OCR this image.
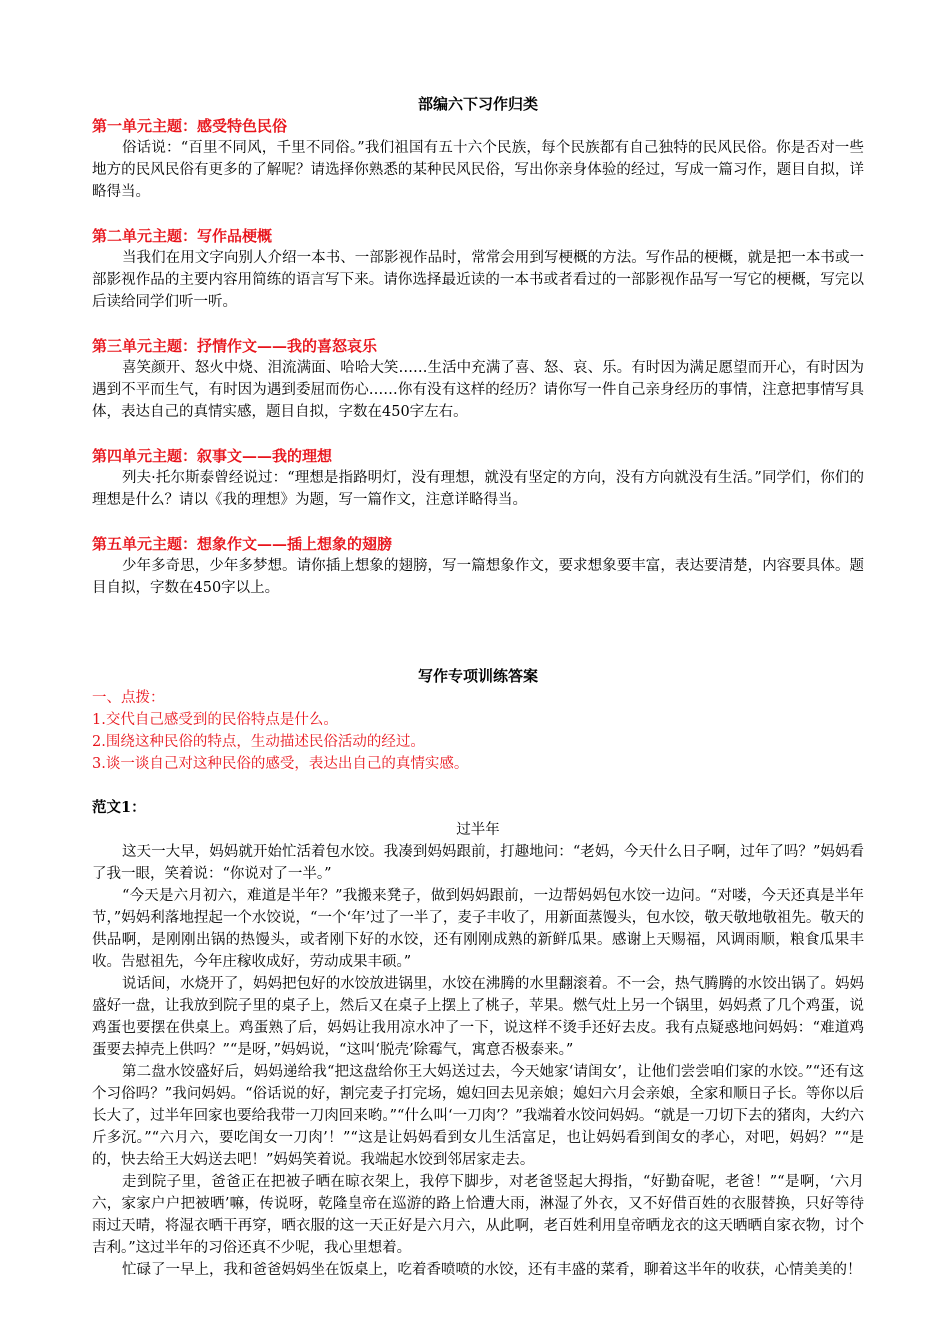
部编六下习作归类
第一单元主题：感受特色民俗
俗话说：“百里不同风，千里不同俗。”我们祖国有五十六个民族，每个民族都有自己独特的民风民俗。你是否对一些地方的民风民俗有更多的了解呢？请选择你熟悉的某种民风民俗，写出你亲身体验的经过，写成一篇习作，题目自拟，详略得当。
第二单元主题：写作品梗概
当我们在用文字向别人介绍一本书、一部影视作品时，常常会用到写梗概的方法。写作品的梗概，就是把一本书或一部影视作品的主要内容用简练的语言写下来。请你选择最近读的一本书或者看过的一部影视作品写一写它的梗概，写完以后读给同学们听一听。
第三单元主题：抒情作文——我的喜怒哀乐
喜笑颜开、怒火中烧、泪流满面、哈哈大笑……生活中充满了喜、怒、哀、乐。有时因为满足愿望而开心，有时因为遇到不平而生气，有时因为遇到委屈而伤心……你有没有这样的经历？请你写一件自己亲身经历的事情，注意把事情写具体，表达自己的真情实感，题目自拟，字数在450字左右。
第四单元主题：叙事文——我的理想
列夫·托尔斯泰曾经说过：“理想是指路明灯，没有理想，就没有坚定的方向，没有方向就没有生活。”同学们，你们的理想是什么？请以《我的理想》为题，写一篇作文，注意详略得当。
第五单元主题：想象作文——插上想象的翅膀
少年多奇思，少年多梦想。请你插上想象的翅膀，写一篇想象作文，要求想象要丰富，表达要清楚，内容要具体。题目自拟，字数在450字以上。
写作专项训练答案
一、点拨：
1.交代自己感受到的民俗特点是什么。
2.围绕这种民俗的特点，生动描述民俗活动的经过。
3.谈一谈自己对这种民俗的感受，表达出自己的真情实感。
范文1：
过半年
这天一大早，妈妈就开始忙活着包水饺。我凑到妈妈跟前，打趣地问：“老妈，今天什么日子啊，过年了吗？”妈妈看了我一眼，笑着说：“你说对了一半。”
“今天是六月初六，难道是半年？”我搬来凳子，做到妈妈跟前，一边帮妈妈包水饺一边问。“对喽，今天还真是半年节，”妈妈利落地捏起一个水饺说，“一个‘年’过了一半了，麦子丰收了，用新面蒸馒头，包水饺，敬天敬地敬祖先。敬天的供品啊，是刚刚出锅的热馒头，或者刚下好的水饺，还有刚刚成熟的新鲜瓜果。感谢上天赐福，风调雨顺，粮食瓜果丰收。告慰祖先，今年庄稼收成好，劳动成果丰硕。”
说话间，水烧开了，妈妈把包好的水饺放进锅里，水饺在沸腾的水里翻滚着。不一会，热气腾腾的水饺出锅了。妈妈盛好一盘，让我放到院子里的桌子上，然后又在桌子上摆上了桃子，苹果。燃气灶上另一个锅里，妈妈煮了几个鸡蛋，说鸡蛋也要摆在供桌上。鸡蛋熟了后，妈妈让我用凉水冲了一下，说这样不烫手还好去皮。我有点疑惑地问妈妈：“难道鸡蛋要去掉壳上供吗？”“是呀，”妈妈说，“这叫‘脱壳’除霉气，寓意否极泰来。”
第二盘水饺盛好后，妈妈递给我“把这盘给你王大妈送过去，今天她家‘请闺女’，让他们尝尝咱们家的水饺。”“还有这个习俗吗？”我问妈妈。“俗话说的好，割完麦子打完场，媳妇回去见亲娘；媳妇六月会亲娘，全家和顺日子长。等你以后长大了，过半年回家也要给我带一刀肉回来哟。”“什么叫‘一刀肉’？”我端着水饺问妈妈。“就是一刀切下去的猪肉，大约六斤多沉。”“六月六，要吃闺女一刀肉’！”“这是让妈妈看到女儿生活富足，也让妈妈看到闺女的孝心，对吧，妈妈？”“是的，快去给王大妈送去吧！”妈妈笑着说。我端起水饺到邻居家走去。
走到院子里，爸爸正在把被子晒在晾衣架上，我停下脚步，对老爸竖起大拇指，“好勤奋呢，老爸！”“是啊，‘六月六，家家户户把被晒’嘛，传说呀，乾隆皇帝在巡游的路上恰遭大雨，淋湿了外衣，又不好借百姓的衣服替换，只好等待雨过天晴，将湿衣晒干再穿，晒衣服的这一天正好是六月六，从此啊，老百姓利用皇帝晒龙衣的这天晒晒自家衣物，讨个吉利。”这过半年的习俗还真不少呢，我心里想着。
忙碌了一早上，我和爸爸妈妈坐在饭桌上，吃着香喷喷的水饺，还有丰盛的菜肴，聊着这半年的收获，心情美美的！
